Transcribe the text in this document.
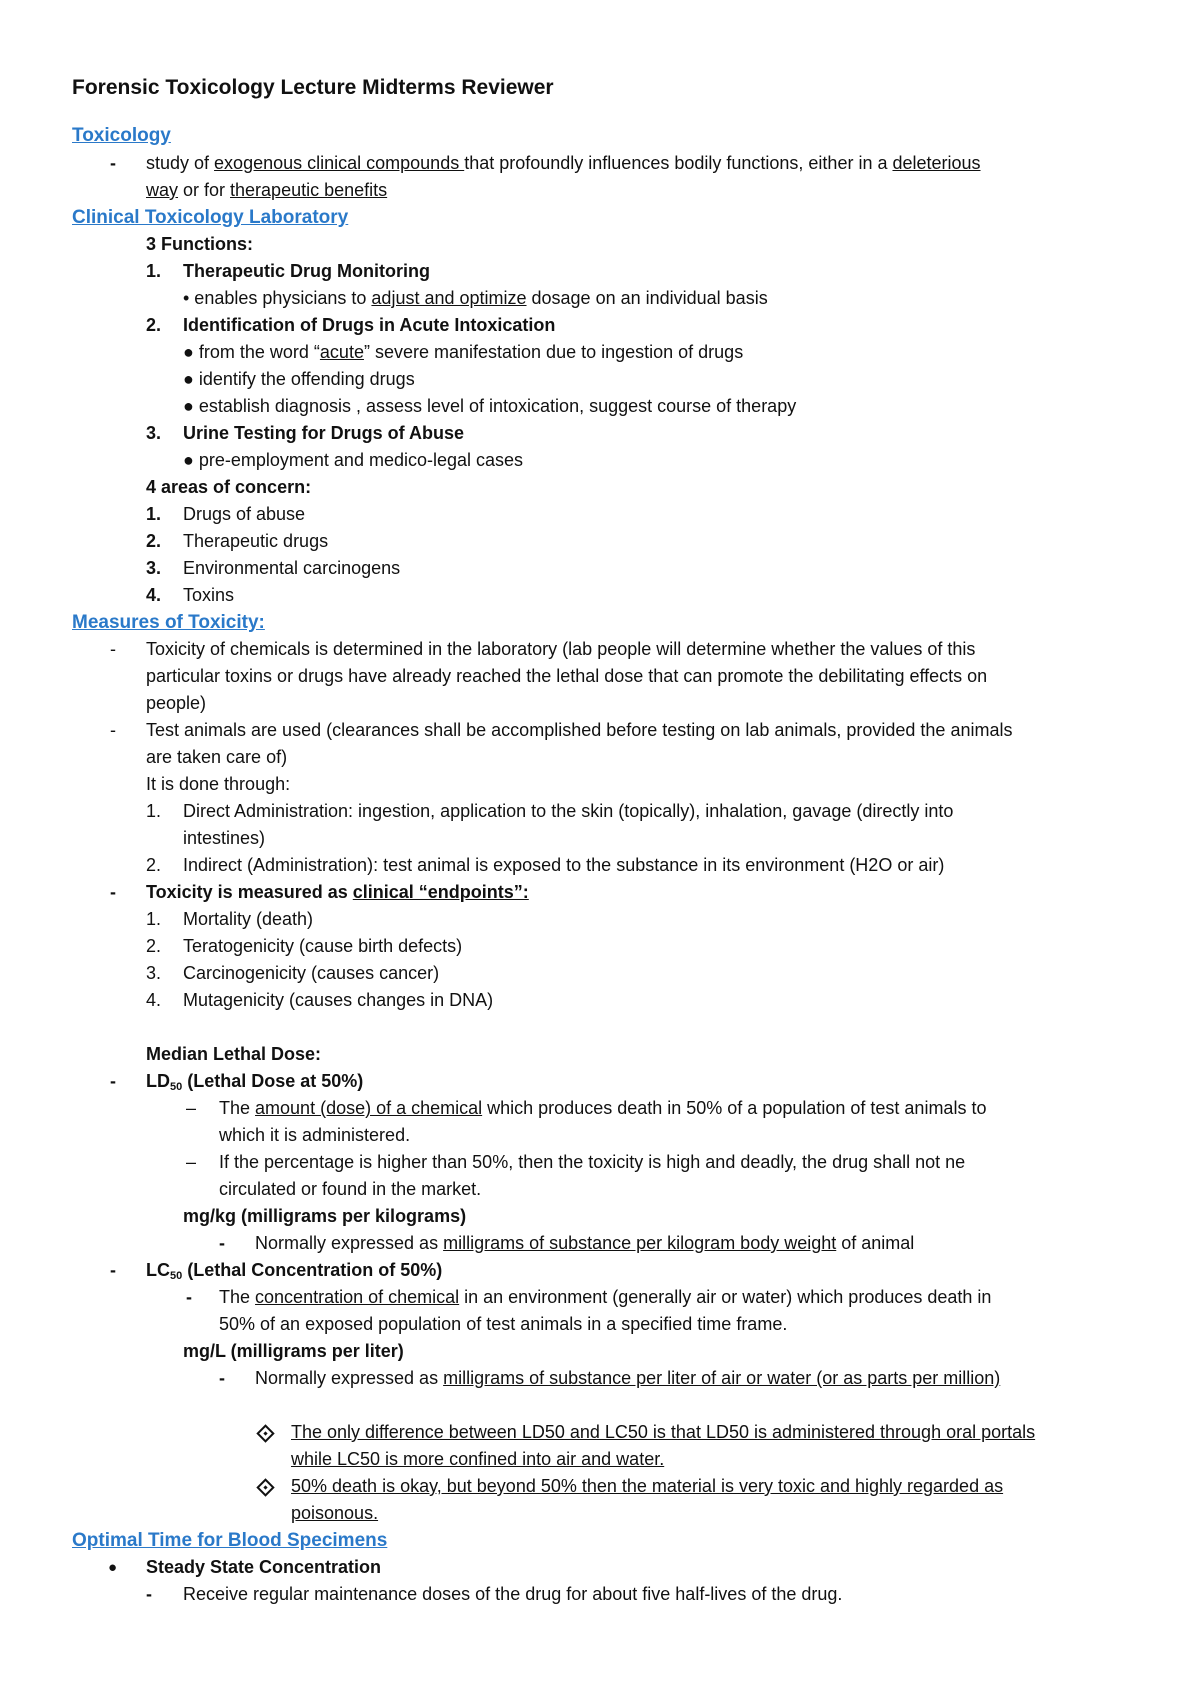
Forensic Toxicology Lecture Midterms Reviewer
Toxicology
- study of exogenous clinical compounds that profoundly influences bodily functions, either in a deleterious
way or for therapeutic benefits
Clinical Toxicology Laboratory
3 Functions:
1. Therapeutic Drug Monitoring
• enables physicians to adjust and optimize dosage on an individual basis
2. Identification of Drugs in Acute Intoxication
● from the word “acute” severe manifestation due to ingestion of drugs
● identify the offending drugs
● establish diagnosis , assess level of intoxication, suggest course of therapy
3. Urine Testing for Drugs of Abuse
● pre-employment and medico-legal cases
4 areas of concern:
1. Drugs of abuse
2. Therapeutic drugs
3. Environmental carcinogens
4. Toxins
Measures of Toxicity:
- Toxicity of chemicals is determined in the laboratory (lab people will determine whether the values of this
particular toxins or drugs have already reached the lethal dose that can promote the debilitating effects on
people)
- Test animals are used (clearances shall be accomplished before testing on lab animals, provided the animals
are taken care of)
It is done through:
1. Direct Administration: ingestion, application to the skin (topically), inhalation, gavage (directly into
intestines)
2. Indirect (Administration): test animal is exposed to the substance in its environment (H2O or air)
- Toxicity is measured as clinical “endpoints”:
1. Mortality (death)
2. Teratogenicity (cause birth defects)
3. Carcinogenicity (causes cancer)
4. Mutagenicity (causes changes in DNA)
Median Lethal Dose:
- $LD_{50}$ (Lethal Dose at 50%)
– The amount (dose) of a chemical which produces death in 50% of a population of test animals to
which it is administered.
– If the percentage is higher than 50%, then the toxicity is high and deadly, the drug shall not ne
circulated or found in the market.
mg/kg (milligrams per kilograms)
- Normally expressed as milligrams of substance per kilogram body weight of animal
- $LC_{50}$ (Lethal Concentration of 50%)
- The concentration of chemical in an environment (generally air or water) which produces death in
50% of an exposed population of test animals in a specified time frame.
mg/L (milligrams per liter)
- Normally expressed as milligrams of substance per liter of air or water (or as parts per million)
The only difference between LD50 and LC50 is that LD50 is administered through oral portals
while LC50 is more confined into air and water.
50% death is okay, but beyond 50% then the material is very toxic and highly regarded as
poisonous.
Optimal Time for Blood Specimens
● Steady State Concentration
- Receive regular maintenance doses of the drug for about five half-lives of the drug.
